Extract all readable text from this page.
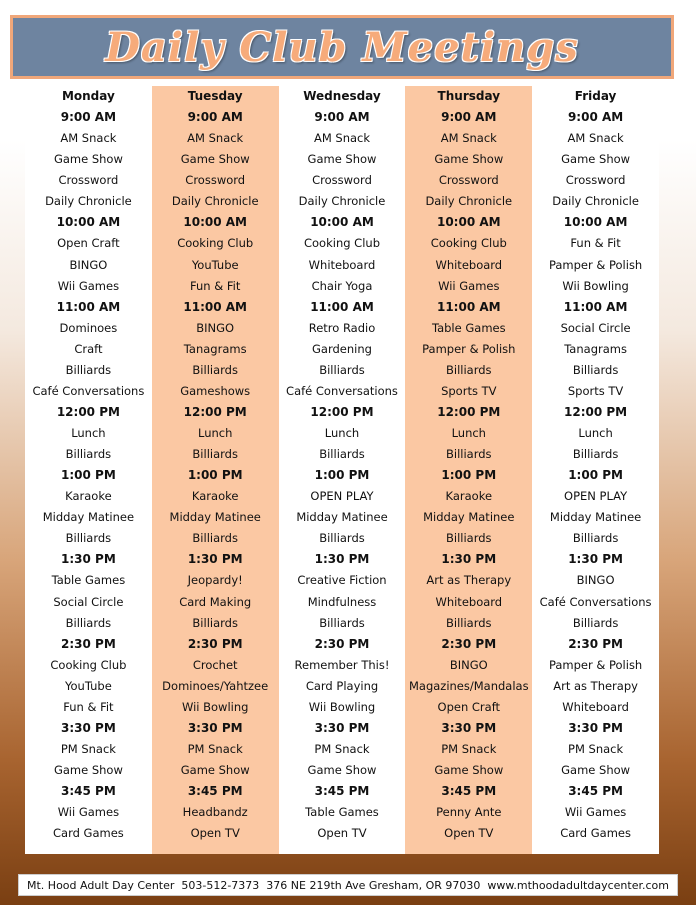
Daily Club Meetings
Monday
9:00 AM
AM Snack
Game Show
Crossword
Daily Chronicle
10:00 AM
Open Craft
BINGO
Wii Games
11:00 AM
Dominoes
Craft
Billiards
Café Conversations
12:00 PM
Lunch
Billiards
1:00 PM
Karaoke
Midday Matinee
Billiards
1:30 PM
Table Games
Social Circle
Billiards
2:30 PM
Cooking Club
YouTube
Fun & Fit
3:30 PM
PM Snack
Game Show
3:45 PM
Wii Games
Card Games
Tuesday
9:00 AM
AM Snack
Game Show
Crossword
Daily Chronicle
10:00 AM
Cooking Club
YouTube
Fun & Fit
11:00 AM
BINGO
Tanagrams
Billiards
Gameshows
12:00 PM
Lunch
Billiards
1:00 PM
Karaoke
Midday Matinee
Billiards
1:30 PM
Jeopardy!
Card Making
Billiards
2:30 PM
Crochet
Dominoes/Yahtzee
Wii Bowling
3:30 PM
PM Snack
Game Show
3:45 PM
Headbandz
Open TV
Wednesday
9:00 AM
AM Snack
Game Show
Crossword
Daily Chronicle
10:00 AM
Cooking Club
Whiteboard
Chair Yoga
11:00 AM
Retro Radio
Gardening
Billiards
Café Conversations
12:00 PM
Lunch
Billiards
1:00 PM
OPEN PLAY
Midday Matinee
Billiards
1:30 PM
Creative Fiction
Mindfulness
Billiards
2:30 PM
Remember This!
Card Playing
Wii Bowling
3:30 PM
PM Snack
Game Show
3:45 PM
Table Games
Open TV
Thursday
9:00 AM
AM Snack
Game Show
Crossword
Daily Chronicle
10:00 AM
Cooking Club
Whiteboard
Wii Games
11:00 AM
Table Games
Pamper & Polish
Billiards
Sports TV
12:00 PM
Lunch
Billiards
1:00 PM
Karaoke
Midday Matinee
Billiards
1:30 PM
Art as Therapy
Whiteboard
Billiards
2:30 PM
BINGO
Magazines/Mandalas
Open Craft
3:30 PM
PM Snack
Game Show
3:45 PM
Penny Ante
Open TV
Friday
9:00 AM
AM Snack
Game Show
Crossword
Daily Chronicle
10:00 AM
Fun & Fit
Pamper & Polish
Wii Bowling
11:00 AM
Social Circle
Tanagrams
Billiards
Sports TV
12:00 PM
Lunch
Billiards
1:00 PM
OPEN PLAY
Midday Matinee
Billiards
1:30 PM
BINGO
Café Conversations
Billiards
2:30 PM
Pamper & Polish
Art as Therapy
Whiteboard
3:30 PM
PM Snack
Game Show
3:45 PM
Wii Games
Card Games
Mt. Hood Adult Day Center 503-512-7373 376 NE 219th Ave Gresham, OR 97030 www.mthoodadultdaycenter.com
